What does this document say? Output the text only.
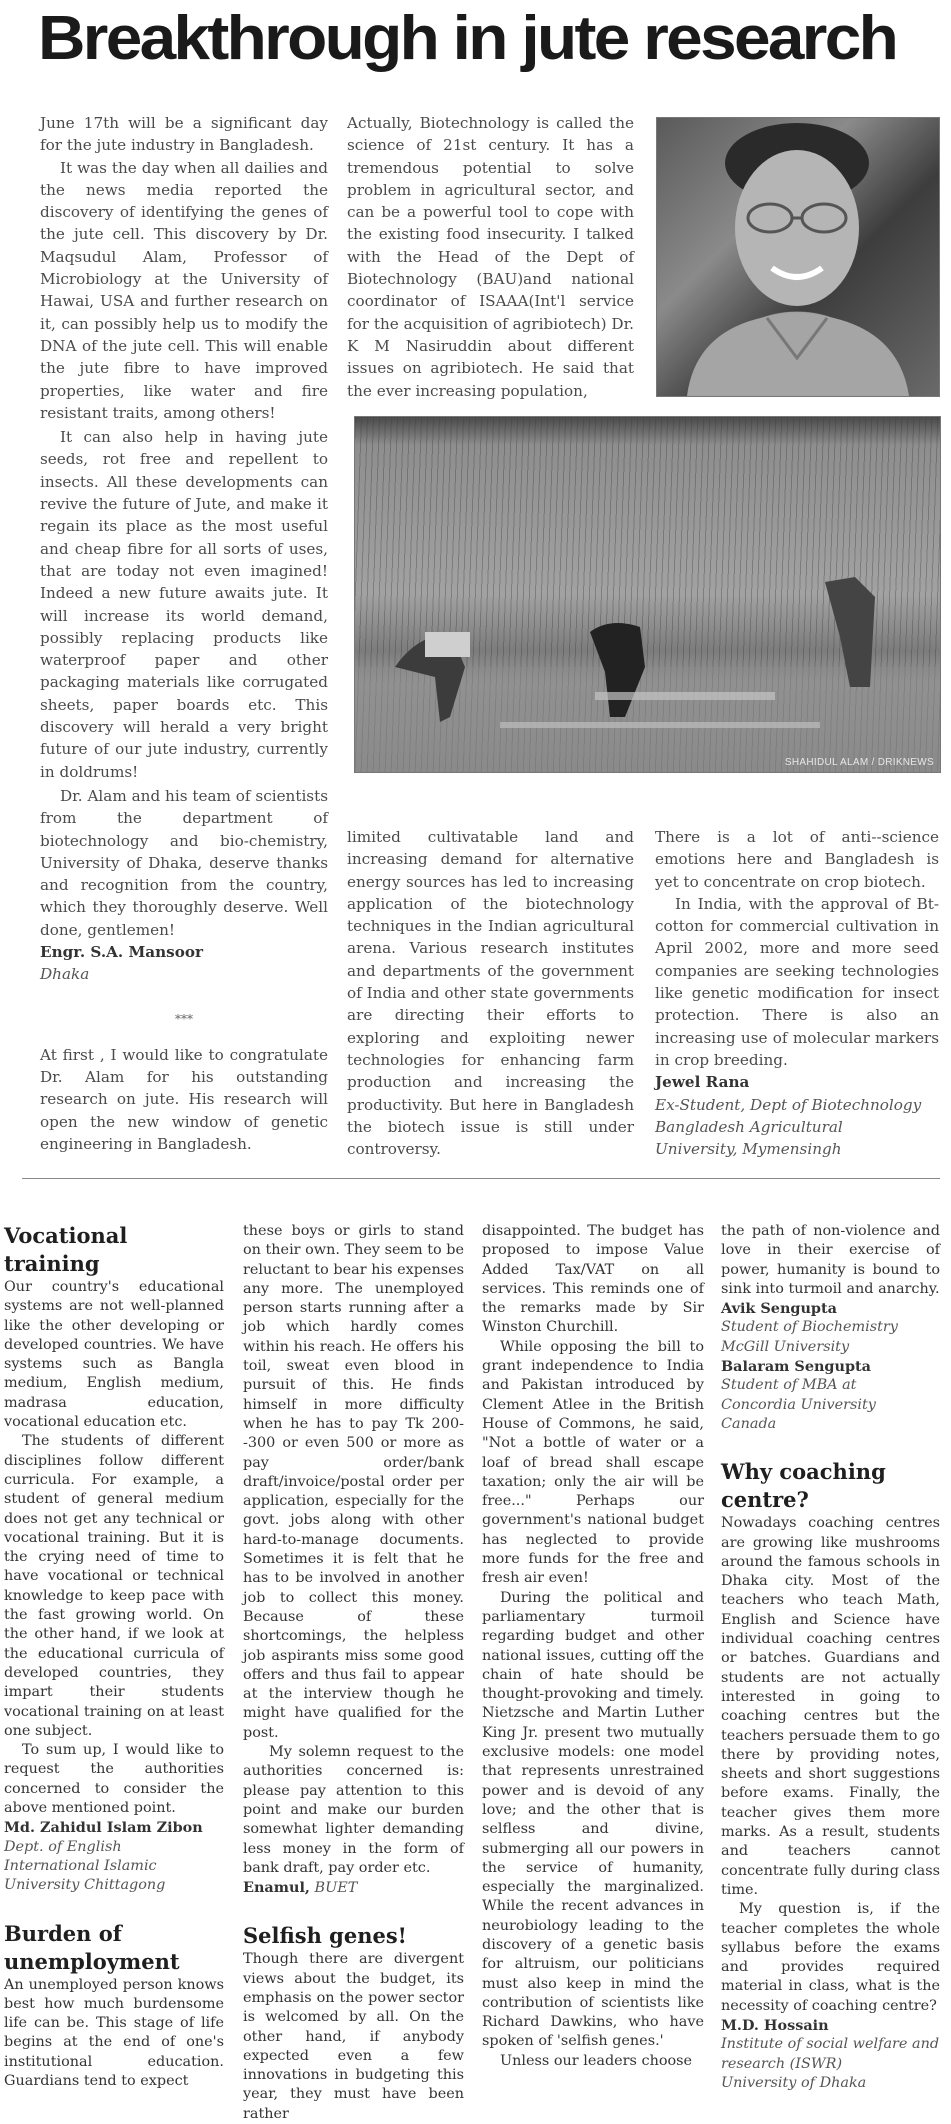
Breakthrough in jute research

June 17th will be a significant day for the jute industry in Bangladesh.

It was the day when all dailies and the news media reported the discovery of identifying the genes of the jute cell. This discovery by Dr. Maqsudul Alam, Professor of Microbiology at the University of Hawai, USA and further research on it, can possibly help us to modify the DNA of the jute cell. This will enable the jute fibre to have improved properties, like water and fire resistant traits, among others!

It can also help in having jute seeds, rot free and repellent to insects. All these developments can revive the future of Jute, and make it regain its place as the most useful and cheap fibre for all sorts of uses, that are today not even imagined! Indeed a new future awaits jute. It will increase its world demand, possibly replacing products like waterproof paper and other packaging materials like corrugated sheets, paper boards etc. This discovery will herald a very bright future of our jute industry, currently in doldrums!

Dr. Alam and his team of scientists from the department of biotechnology and bio-chemistry, University of Dhaka, deserve thanks and recognition from the country, which they thoroughly deserve. Well done, gentlemen!

Engr. S.A. Mansoor
Dhaka
***

At first , I would like to congratulate Dr. Alam for his outstanding research on jute. His research will open the new window of genetic engineering in Bangladesh.

Actually, Biotechnology is called the science of 21st century. It has a tremendous potential to solve problem in agricultural sector, and can be a powerful tool to cope with the existing food insecurity. I talked with the Head of the Dept of Biotechnology (BAU)and national coordinator of ISAAA(Int'l service for the acquisition of agribiotech) Dr. K M Nasiruddin about different issues on agribiotech. He said that the ever increasing population,

SHAHIDUL ALAM / DRIKNEWS

limited cultivatable land and increasing demand for alternative energy sources has led to increasing application of the biotechnology techniques in the Indian agricultural arena. Various research institutes and departments of the government of India and other state governments are directing their efforts to exploring and exploiting newer technologies for enhancing farm production and increasing the productivity. But here in Bangladesh the biotech issue is still under controversy.

There is a lot of anti--science emotions here and Bangladesh is yet to concentrate on crop biotech.

In India, with the approval of Bt-cotton for commercial cultivation in April 2002, more and more seed companies are seeking technologies like genetic modification for insect protection. There is also an increasing use of molecular markers in crop breeding.

Jewel Rana
Ex-Student, Dept of Biotechnology
Bangladesh Agricultural
University, Mymensingh
Vocational training

Our country's educational systems are not well-planned like the other developing or developed countries. We have systems such as Bangla medium, English medium, madrasa education, vocational education etc.

The students of different disciplines follow different curricula. For example, a student of general medium does not get any technical or vocational training. But it is the crying need of time to have vocational or technical knowledge to keep pace with the fast growing world. On the other hand, if we look at the educational curricula of developed countries, they impart their students vocational training on at least one subject.

To sum up, I would like to request the authorities concerned to consider the above mentioned point.

Md. Zahidul Islam Zibon
Dept. of English
International Islamic
University Chittagong
Burden of
unemployment

An unemployed person knows best how much burdensome life can be. This stage of life begins at the end of one's institutional education. Guardians tend to expect

these boys or girls to stand on their own. They seem to be reluctant to bear his expenses any more. The unemployed person starts running after a job which hardly comes within his reach. He offers his toil, sweat even blood in pursuit of this. He finds himself in more difficulty when he has to pay Tk 200--300 or even 500 or more as pay order/bank draft/invoice/postal order per application, especially for the govt. jobs along with other hard-to-manage documents. Sometimes it is felt that he has to be involved in another job to collect this money. Because of these shortcomings, the helpless job aspirants miss some good offers and thus fail to appear at the interview though he might have qualified for the post.

My solemn request to the authorities concerned is: please pay attention to this point and make our burden somewhat lighter demanding less money in the form of bank draft, pay order etc.

Enamul, BUET
Selfish genes!

Though there are divergent views about the budget, its emphasis on the power sector is welcomed by all. On the other hand, if anybody expected even a few innovations in budgeting this year, they must have been rather

disappointed. The budget has proposed to impose Value Added Tax/VAT on all services. This reminds one of the remarks made by Sir Winston Churchill.

While opposing the bill to grant independence to India and Pakistan introduced by Clement Atlee in the British House of Commons, he said, "Not a bottle of water or a loaf of bread shall escape taxation; only the air will be free..." Perhaps our government's national budget has neglected to provide more funds for the free and fresh air even!

During the political and parliamentary turmoil regarding budget and other national issues, cutting off the chain of hate should be thought-provoking and timely. Nietzsche and Martin Luther King Jr. present two mutually exclusive models: one model that represents unrestrained power and is devoid of any love; and the other that is selfless and divine, submerging all our powers in the service of humanity, especially the marginalized. While the recent advances in neurobiology leading to the discovery of a genetic basis for altruism, our politicians must also keep in mind the contribution of scientists like Richard Dawkins, who have spoken of 'selfish genes.'

Unless our leaders choose

the path of non-violence and love in their exercise of power, humanity is bound to sink into turmoil and anarchy.

Avik Sengupta
Student of Biochemistry
McGill University
Balaram Sengupta
Student of MBA at
Concordia University
Canada
Why coaching
centre?

Nowadays coaching centres are growing like mushrooms around the famous schools in Dhaka city. Most of the teachers who teach Math, English and Science have individual coaching centres or batches. Guardians and students are not actually interested in going to coaching centres but the teachers persuade them to go there by providing notes, sheets and short suggestions before exams. Finally, the teacher gives them more marks. As a result, students and teachers cannot concentrate fully during class time.

My question is, if the teacher completes the whole syllabus before the exams and provides required material in class, what is the necessity of coaching centre?

M.D. Hossain
Institute of social welfare and
research (ISWR)
University of Dhaka
